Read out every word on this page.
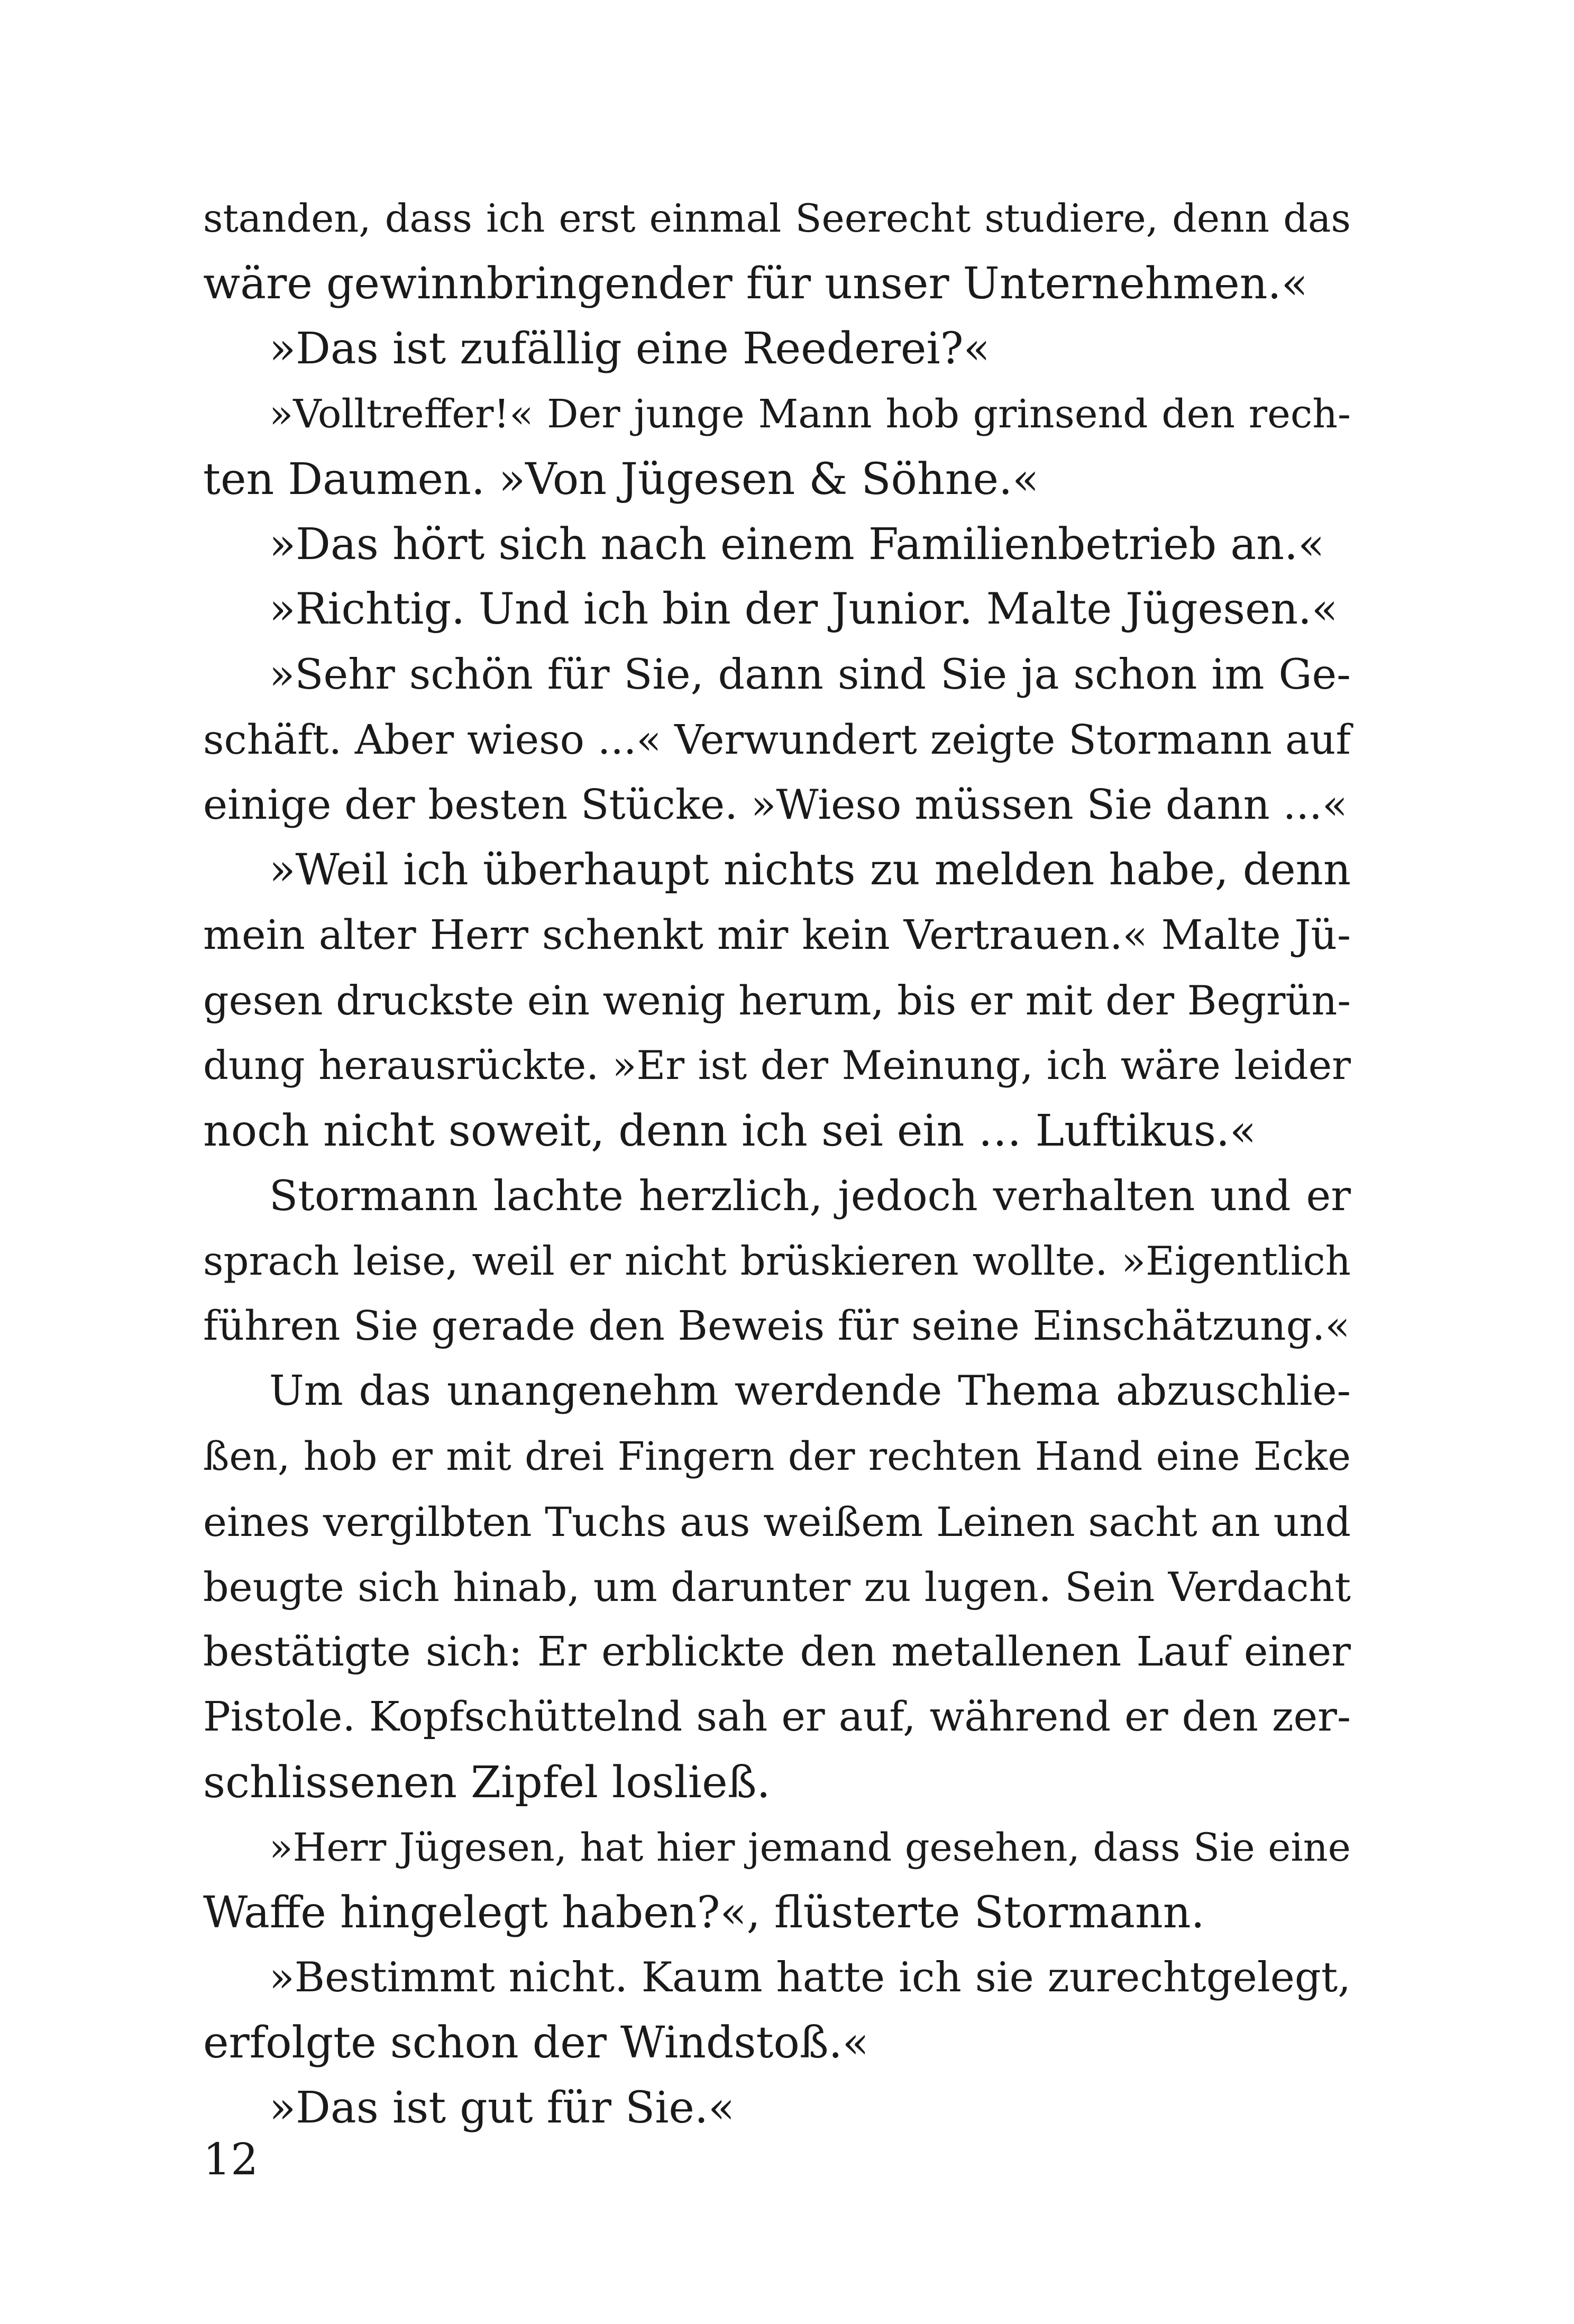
standen, dass ich erst einmal Seerecht studiere, denn das
wäre gewinnbringender für unser Unternehmen.«
»Das ist zufällig eine Reederei?«
»Volltreffer!« Der junge Mann hob grinsend den rech-
ten Daumen. »Von Jügesen & Söhne.«
»Das hört sich nach einem Familienbetrieb an.«
»Richtig. Und ich bin der Junior. Malte Jügesen.«
»Sehr schön für Sie, dann sind Sie ja schon im Ge-
schäft. Aber wieso ...« Verwundert zeigte Stormann auf
einige der besten Stücke. »Wieso müssen Sie dann ...«
»Weil ich überhaupt nichts zu melden habe, denn
mein alter Herr schenkt mir kein Vertrauen.« Malte Jü-
gesen druckste ein wenig herum, bis er mit der Begrün-
dung herausrückte. »Er ist der Meinung, ich wäre leider
noch nicht soweit, denn ich sei ein … Luftikus.«
Stormann lachte herzlich, jedoch verhalten und er
sprach leise, weil er nicht brüskieren wollte. »Eigentlich
führen Sie gerade den Beweis für seine Einschätzung.«
Um das unangenehm werdende Thema abzuschlie-
ßen, hob er mit drei Fingern der rechten Hand eine Ecke
eines vergilbten Tuchs aus weißem Leinen sacht an und
beugte sich hinab, um darunter zu lugen. Sein Verdacht
bestätigte sich: Er erblickte den metallenen Lauf einer
Pistole. Kopfschüttelnd sah er auf, während er den zer-
schlissenen Zipfel losließ.
»Herr Jügesen, hat hier jemand gesehen, dass Sie eine
Waffe hingelegt haben?«, flüsterte Stormann.
»Bestimmt nicht. Kaum hatte ich sie zurechtgelegt,
erfolgte schon der Windstoß.«
»Das ist gut für Sie.«
12
